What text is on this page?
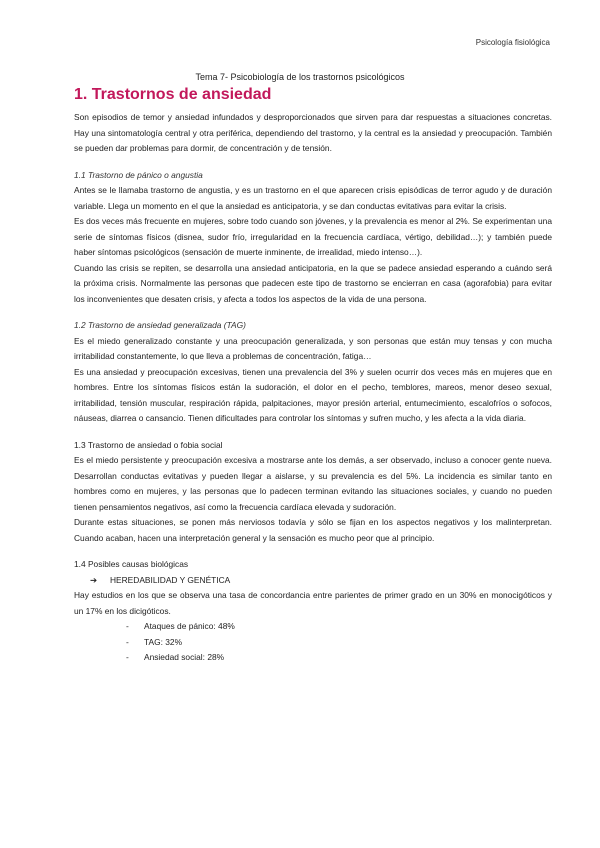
Psicología fisiológica
Tema 7- Psicobiología de los trastornos psicológicos
1. Trastornos de ansiedad

Son episodios de temor y ansiedad infundados y desproporcionados que sirven para dar respuestas a situaciones concretas. Hay una sintomatología central y otra periférica, dependiendo del trastorno, y la central es la ansiedad y preocupación. También se pueden dar problemas para dormir, de concentración y de tensión.

1.1 Trastorno de pánico o angustia

Antes se le llamaba trastorno de angustia, y es un trastorno en el que aparecen crisis episódicas de terror agudo y de duración variable. Llega un momento en el que la ansiedad es anticipatoria, y se dan conductas evitativas para evitar la crisis.

Es dos veces más frecuente en mujeres, sobre todo cuando son jóvenes, y la prevalencia es menor al 2%. Se experimentan una serie de síntomas físicos (disnea, sudor frío, irregularidad en la frecuencia cardíaca, vértigo, debilidad…); y también puede haber síntomas psicológicos (sensación de muerte inminente, de irrealidad, miedo intenso…).

Cuando las crisis se repiten, se desarrolla una ansiedad anticipatoria, en la que se padece ansiedad esperando a cuándo será la próxima crisis. Normalmente las personas que padecen este tipo de trastorno se encierran en casa (agorafobia) para evitar los inconvenientes que desaten crisis, y afecta a todos los aspectos de la vida de una persona.

1.2 Trastorno de ansiedad generalizada (TAG)

Es el miedo generalizado constante y una preocupación generalizada, y son personas que están muy tensas y con mucha irritabilidad constantemente, lo que lleva a problemas de concentración, fatiga…

Es una ansiedad y preocupación excesivas, tienen una prevalencia del 3% y suelen ocurrir dos veces más en mujeres que en hombres. Entre los síntomas físicos están la sudoración, el dolor en el pecho, temblores, mareos, menor deseo sexual, irritabilidad, tensión muscular, respiración rápida, palpitaciones, mayor presión arterial, entumecimiento, escalofríos o sofocos, náuseas, diarrea o cansancio. Tienen dificultades para controlar los síntomas y sufren mucho, y les afecta a la vida diaria.

1.3 Trastorno de ansiedad o fobia social

Es el miedo persistente y preocupación excesiva a mostrarse ante los demás, a ser observado, incluso a conocer gente nueva. Desarrollan conductas evitativas y pueden llegar a aislarse, y su prevalencia es del 5%. La incidencia es similar tanto en hombres como en mujeres, y las personas que lo padecen terminan evitando las situaciones sociales, y cuando no pueden tienen pensamientos negativos, así como la frecuencia cardíaca elevada y sudoración.

Durante estas situaciones, se ponen más nerviosos todavía y sólo se fijan en los aspectos negativos y los malinterpretan. Cuando acaban, hacen una interpretación general y la sensación es mucho peor que al principio.

1.4 Posibles causas biológicas

➔	HEREDABILIDAD Y GENÉTICA

Hay estudios en los que se observa una tasa de concordancia entre parientes de primer grado en un 30% en monocigóticos y un 17% en los dicigóticos.

-	Ataques de pánico: 48%
-	TAG: 32%
-	Ansiedad social: 28%
